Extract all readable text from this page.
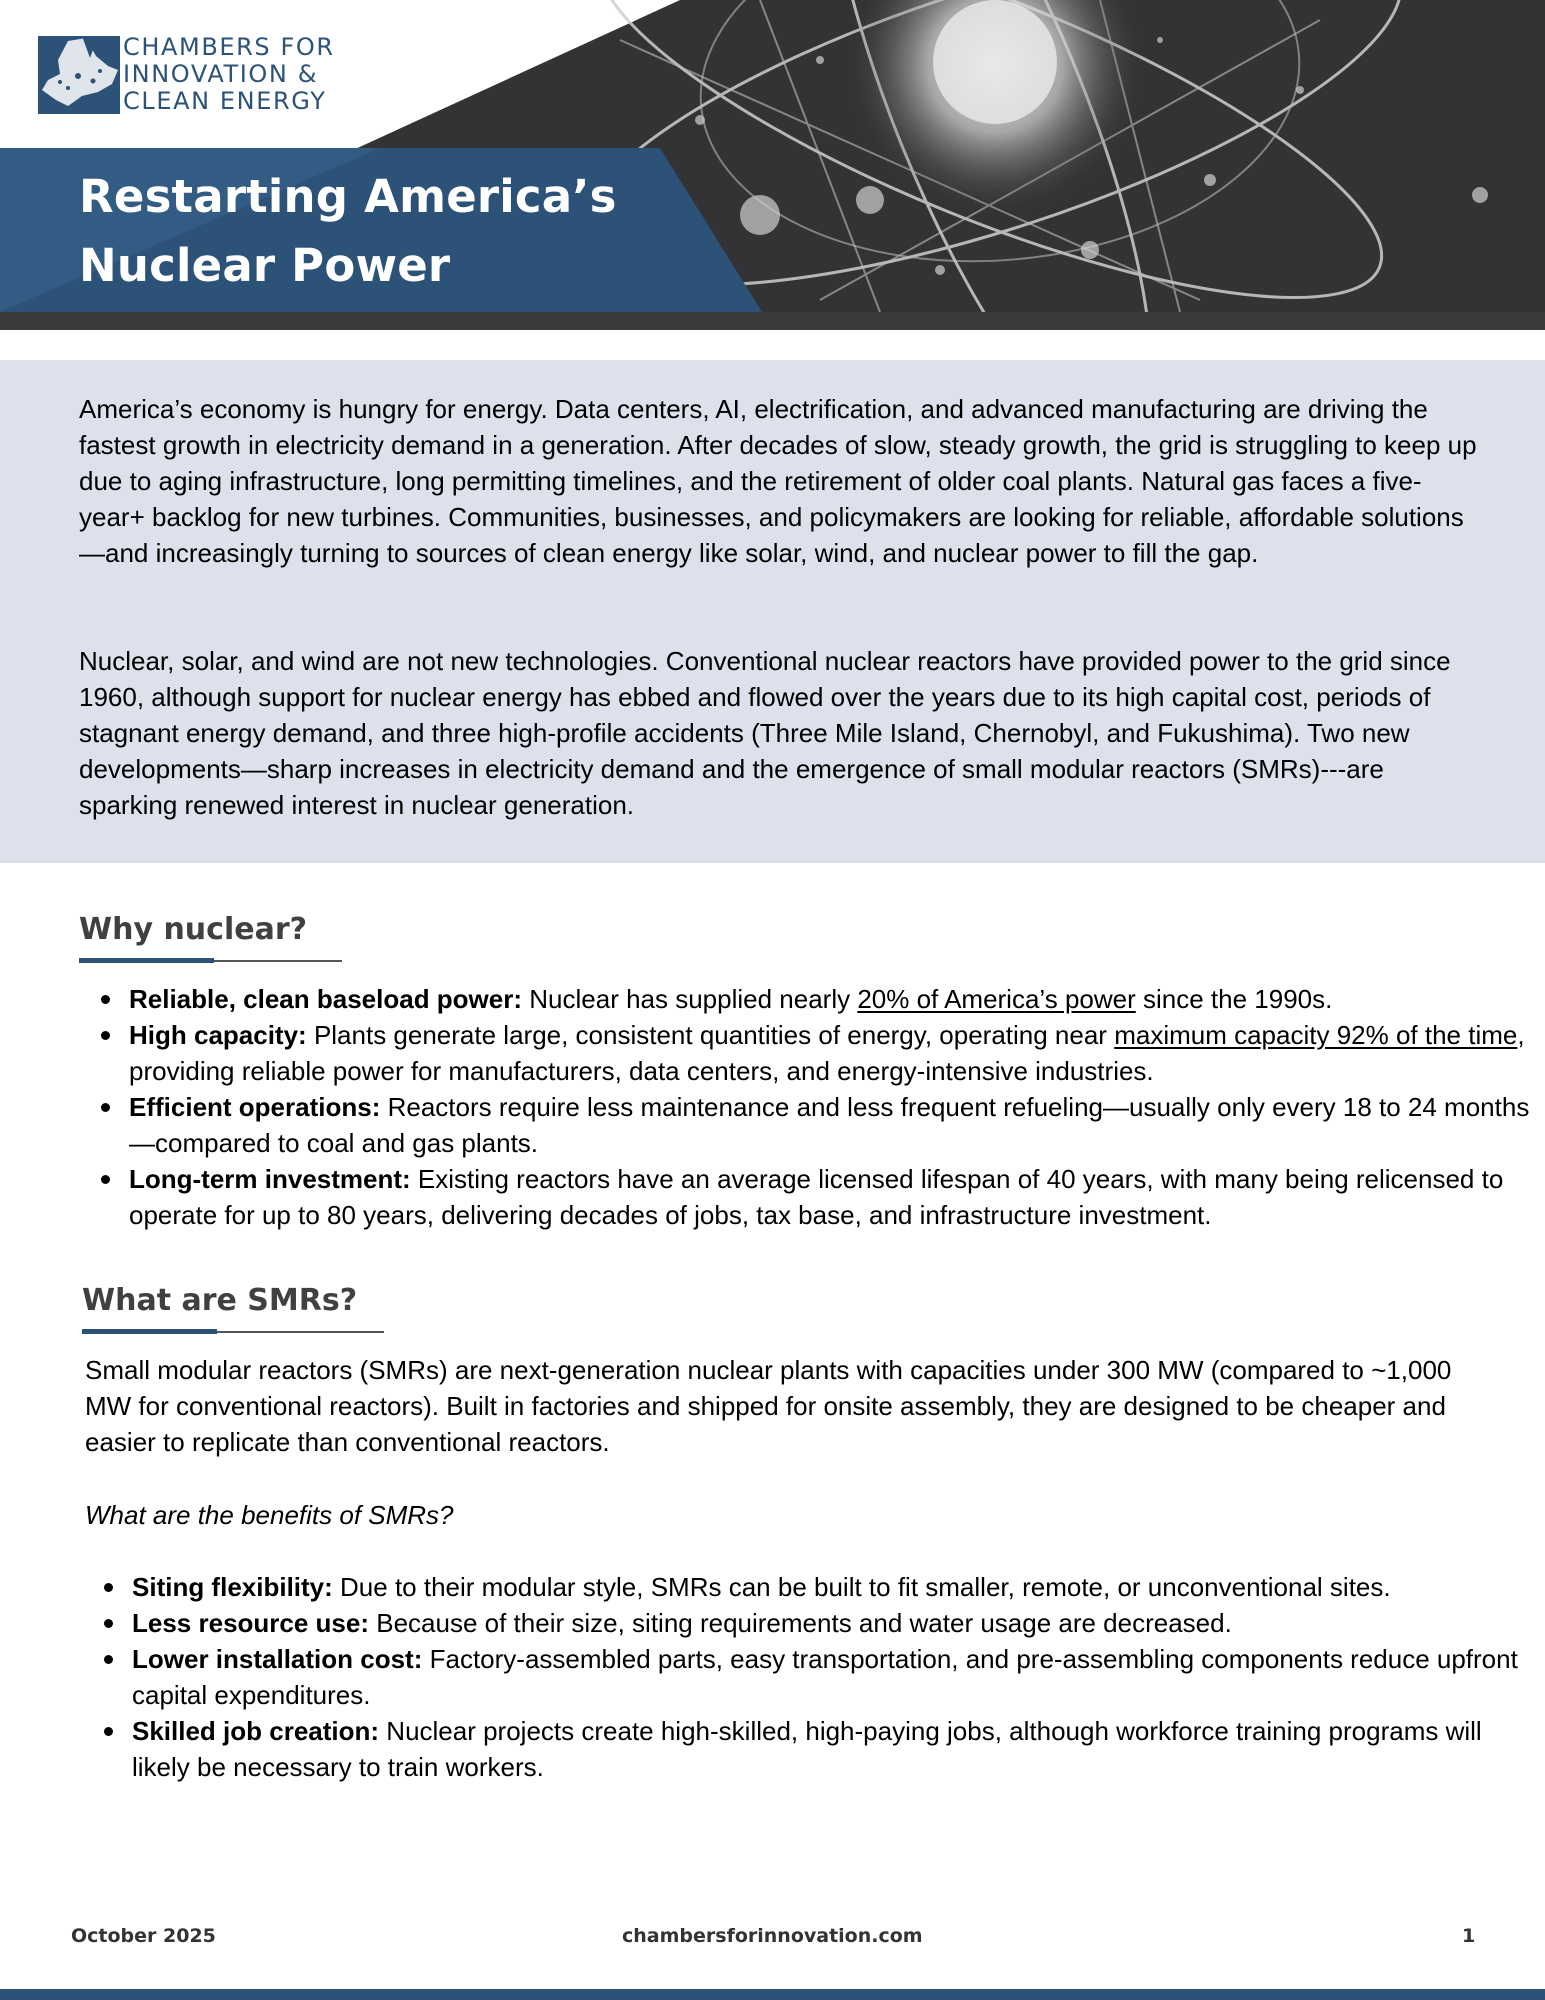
CHAMBERS FOR
INNOVATION &
CLEAN ENERGY
Restarting America’s
Nuclear Power

America’s economy is hungry for energy. Data centers, AI, electrification, and advanced manufacturing are driving the fastest growth in electricity demand in a generation. After decades of slow, steady growth, the grid is struggling to keep up due to aging infrastructure, long permitting timelines, and the retirement of older coal plants. Natural gas faces a five-year+ backlog for new turbines. Communities, businesses, and policymakers are looking for reliable, affordable solutions—and increasingly turning to sources of clean energy like solar, wind, and nuclear power to fill the gap.

Nuclear, solar, and wind are not new technologies. Conventional nuclear reactors have provided power to the grid since 1960, although support for nuclear energy has ebbed and flowed over the years due to its high capital cost, periods of stagnant energy demand, and three high-profile accidents (Three Mile Island, Chernobyl, and Fukushima). Two new developments—sharp increases in electricity demand and the emergence of small modular reactors (SMRs)---are sparking renewed interest in nuclear generation.

Why nuclear?
Reliable, clean baseload power: Nuclear has supplied nearly 20% of America’s power since the 1990s.
High capacity: Plants generate large, consistent quantities of energy, operating near maximum capacity 92% of the time, providing reliable power for manufacturers, data centers, and energy-intensive industries.
Efficient operations: Reactors require less maintenance and less frequent refueling—usually only every 18 to 24 months—compared to coal and gas plants.
Long-term investment: Existing reactors have an average licensed lifespan of 40 years, with many being relicensed to operate for up to 80 years, delivering decades of jobs, tax base, and infrastructure investment.
What are SMRs?

Small modular reactors (SMRs) are next-generation nuclear plants with capacities under 300 MW (compared to ~1,000 MW for conventional reactors). Built in factories and shipped for onsite assembly, they are designed to be cheaper and easier to replicate than conventional reactors.

What are the benefits of SMRs?

Siting flexibility: Due to their modular style, SMRs can be built to fit smaller, remote, or unconventional sites.
Less resource use: Because of their size, siting requirements and water usage are decreased.
Lower installation cost: Factory-assembled parts, easy transportation, and pre-assembling components reduce upfront capital expenditures.
Skilled job creation: Nuclear projects create high-skilled, high-paying jobs, although workforce training programs will likely be necessary to train workers.
October 2025	chambersforinnovation.com	1
